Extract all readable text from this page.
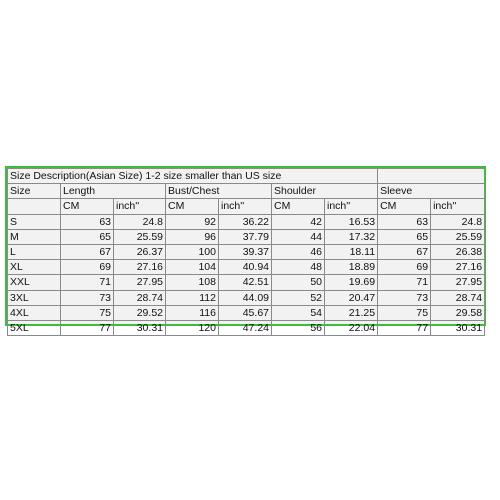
Size Description(Asian Size) 1-2 size smaller than US size								
Size	Length		Bust/Chest		Shoulder		Sleeve	
	CM	inch''	CM	inch''	CM	inch''	CM	inch''
S	63	24.8	92	36.22	42	16.53	63	24.8
M	65	25.59	96	37.79	44	17.32	65	25.59
L	67	26.37	100	39.37	46	18.11	67	26.38
XL	69	27.16	104	40.94	48	18.89	69	27.16
XXL	71	27.95	108	42.51	50	19.69	71	27.95
3XL	73	28.74	112	44.09	52	20.47	73	28.74
4XL	75	29.52	116	45.67	54	21.25	75	29.58
5XL	77	30.31	120	47.24	56	22.04	77	30.31
